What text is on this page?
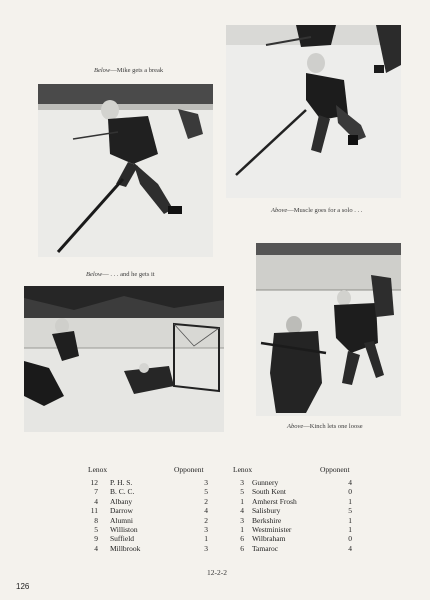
Above—Muscle goes for a solo . . .
Below—Mike gets a break
Below— . . . and he gets it
Above—Kinch lets one loose
Lenox	Opponent	Lenox	Opponent
12 P. H. S.	3
7 B. C. C.	5
4 Albany	2
11 Darrow	4
8 Alumni	2
5 Williston	3
9 Suffield	1
4 Millbrook	3
3 Gunnery	4
5 South Kent	0
1 Amherst Frosh	1
4 Salisbury	5
3 Berkshire	1
1 Westminister	1
6 Wilbraham	0
6 Tamaroc	4
12-2-2
126
